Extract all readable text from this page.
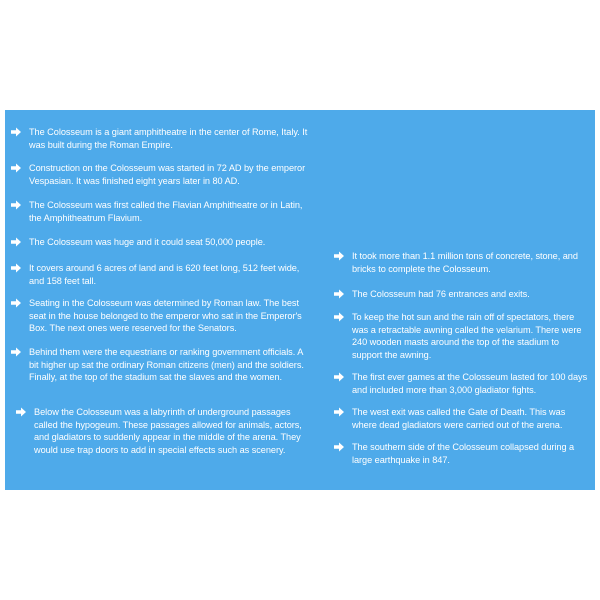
The Colosseum is a giant amphitheatre in the center of Rome, Italy. It was built during the Roman Empire.
Construction on the Colosseum was started in 72 AD by the emperor Vespasian. It was finished eight years later in 80 AD.
The Colosseum was first called the Flavian Amphitheatre or in Latin, the Amphitheatrum Flavium.
The Colosseum was huge and it could seat 50,000 people.
It covers around 6 acres of land and is 620 feet long, 512 feet wide, and 158 feet tall.
Seating in the Colosseum was determined by Roman law. The best seat in the house belonged to the emperor who sat in the Emperor's Box. The next ones were reserved for the Senators.
Behind them were the equestrians or ranking government officials. A bit higher up sat the ordinary Roman citizens (men) and the soldiers. Finally, at the top of the stadium sat the slaves and the women.
Below the Colosseum was a labyrinth of underground passages called the hypogeum. These passages allowed for animals, actors, and gladiators to suddenly appear in the middle of the arena. They would use trap doors to add in special effects such as scenery.
It took more than 1.1 million tons of concrete, stone, and bricks to complete the Colosseum.
The Colosseum had 76 entrances and exits.
To keep the hot sun and the rain off of spectators, there was a retractable awning called the velarium. There were 240 wooden masts around the top of the stadium to support the awning.
The first ever games at the Colosseum lasted for 100 days and included more than 3,000 gladiator fights.
The west exit was called the Gate of Death. This was where dead gladiators were carried out of the arena.
The southern side of the Colosseum collapsed during a large earthquake in 847.
